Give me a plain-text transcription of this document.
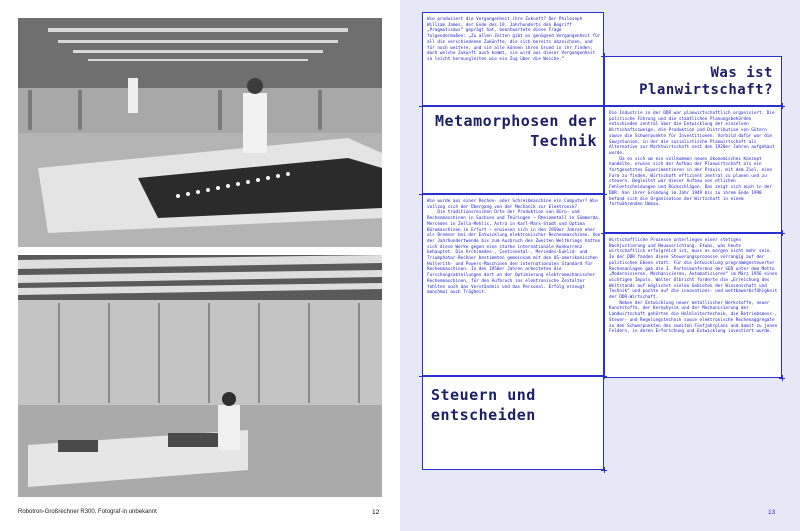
Robotron-Großrechner R300, Fotograf·in unbekannt	12
Wie produziert die Vergangenheit ihre Zukunft? Der Philosoph William James, der Ende des 19. Jahrhunderts den Begriff „Pragmatismus“ geprägt hat, beantwortete diese Frage folgendermaßen: „Zu allen Zeiten gibt es genügend Vergangenheit für all die verschiedenen Zukünfte, die sich bereits abzeichnen, und für noch weitere, und sie alle können ihren Grund in ihr finden; doch welche Zukunft auch kommt, sie wird aus dieser Vergangenheit so leicht herausgleiten wie ein Zug über die Weiche.“
Was ist Planwirtschaft?
Metamorphosen der Technik
Die Industrie in der DDR war planwirtschaftlich organisiert. Die politische Führung und die staatlichen Planungsbehörden entschieden zentral über die Entwicklung der einzelnen Wirtschaftszweige, die Produktion und Distribution von Gütern sowie die Schwerpunkte für Investitionen. Vorbild dafür war die Sowjetunion, in der die sozialistische Planwirtschaft als Alternative zur Marktwirtschaft seit den 1920er Jahren aufgebaut wurde.
Da es sich um ein vollkommen neues ökonomisches Konzept handelte, erwies sich der Aufbau der Planwirtschaft als ein fortgesetztes Experimentieren in der Praxis, mit dem Ziel, eine Form zu finden, Wirtschaft effizient zentral zu planen und zu steuern. Begleitet war dieser Aufbau von etlichen Fehlentscheidungen und Rückschlägen. Das zeigt sich auch in der DDR: Von ihrer Gründung im Jahr 1949 bis zu ihrem Ende 1990 befand sich die Organisation der Wirtschaft in einem fortwährenden Umbau.
Wie wurde aus einer Rechen- oder Schreibmaschine ein Computer? Wie vollzog sich der Übergang von der Mechanik zur Elektronik?
Die traditionsreichen Orte der Produktion von Büro- und Rechenmaschinen in Sachsen und Thüringen – Rheinmetall in Sömmerda, Mercedes in Zella-Mehlis, Astra in Karl-Marx-Stadt und Optima Büromaschinen in Erfurt – erwiesen sich in den 1950er Jahren eher als Bremser bei der Entwicklung elektronischer Rechenmaschinen. Von der Jahrhundertwende bis zum Ausbruch des Zweiten Weltkriegs hatten sich diese Werke gegen eine starke internationale Konkurrenz behauptet. Die Archimedes-, Continental-, Mercedes-Euklid- und Triumphator-Rechner bestimmten gemeinsam mit den US-amerikanischen Hollerith- und Powers-Maschinen den internationalen Standard für Rechenmaschinen. In den 1950er Jahren arbeiteten die Forschungsabteilungen dort an der Optimierung elektromechanischer Rechenmaschinen, für den Aufbruch ins elektronische Zeitalter fehlten noch das Verständnis und das Personal. Erfolg erzeugt manchmal auch Trägheit.
Wirtschaftliche Prozesse unterliegen einer stetigen Nachjustierung und Neuausrichtung. Etwas, was heute wirtschaftlich erfolgreich ist, muss es morgen nicht mehr sein. In der DDR fanden diese Steuerungsprozesse vorrangig auf der politischen Ebene statt. Für die Entwicklung programmgesteuerter Rechenanlagen gab die 3. Parteikonferenz der SED unter dem Motto „Modernisieren, Mechanisieren, Automatisieren“ im März 1956 einen wichtigen Impuls. Walter Ulbricht forderte die „Erreichung des Weltstands auf möglichst vielen Gebieten der Wissenschaft und Technik“ und pochte auf die innovations- und wettbewerbsfähigkeit der DDR-Wirtschaft.
Neben der Entwicklung neuer metallischer Werkstoffe, neuer Kunststoffe, der Kernphysik und der Mechanisierung der Landwirtschaft gehörten die Halbleitertechnik, die Betriebsmess-, Steuer- und Regelungstechnik sowie elektronische Rechenaggregate zu den Schwerpunkten des zweiten Fünfjahrplans und damit zu jenen Feldern, in deren Erforschung und Entwicklung investiert wurde.
Steuern und entscheiden
13
